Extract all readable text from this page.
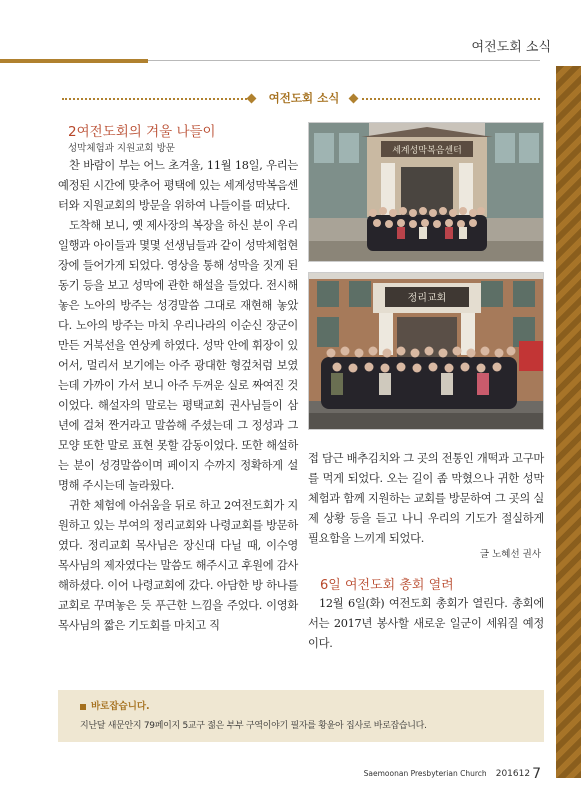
여전도회 소식
여전도회 소식
2여전도회의 겨울 나들이
성막체험과 지원교회 방문

찬 바람이 부는 어느 초겨울, 11월 18일, 우리는 예정된 시간에 맞추어 평택에 있는 세계성막복음센터와 지원교회의 방문을 위하여 나들이를 떠났다.

도착해 보니, 옛 제사장의 복장을 하신 분이 우리 일행과 아이들과 몇몇 선생님들과 같이 성막체험현장에 들어가게 되었다. 영상을 통해 성막을 짓게 된 동기 등을 보고 성막에 관한 해설을 들었다. 전시해놓은 노아의 방주는 성경말씀 그대로 재현해 놓았다. 노아의 방주는 마치 우리나라의 이순신 장군이 만든 거북선을 연상케 하였다. 성막 안에 휘장이 있어서, 멀리서 보기에는 아주 광대한 형겊처럼 보였는데 가까이 가서 보니 아주 두꺼운 실로 짜여진 것이었다. 해설자의 말로는 평택교회 권사님들이 삼년에 걸쳐 짠거라고 말씀해 주셨는데 그 정성과 그 모양 또한 말로 표현 못할 감동이었다. 또한 해설하는 분이 성경말씀이며 페이지 수까지 정확하게 설명해 주시는데 놀라웠다.

귀한 체험에 아쉬움을 뒤로 하고 2여전도회가 지원하고 있는 부여의 정리교회와 나령교회를 방문하였다. 정리교회 목사님은 장신대 다닐 때, 이수영 목사님의 제자였다는 말씀도 해주시고 후원에 감사해하셨다. 이어 나령교회에 갔다. 아담한 방 하나를 교회로 꾸며놓은 듯 푸근한 느낌을 주었다. 이영화 목사님의 짧은 기도회를 마치고 직

세계성막복음센터
정리교회

접 담근 배추김치와 그 곳의 전통인 개떡과 고구마를 먹게 되었다. 오는 길이 좀 막혔으나 귀한 성막체험과 함께 지원하는 교회를 방문하여 그 곳의 실제 상황 등을 듣고 나니 우리의 기도가 절실하게 필요함을 느끼게 되었다.

글 노혜선 권사
6일 여전도회 총회 열려

12월 6일(화) 여전도회 총회가 열린다. 총회에서는 2017년 봉사할 새로운 일군이 세워질 예정이다.

바로잡습니다.
지난달 새문안지 79페이지 5교구 젊은 부부 구역이야기 필자를 황윤아 집사로 바로잡습니다.
Saemoonan Presbyterian Church 201612 7
